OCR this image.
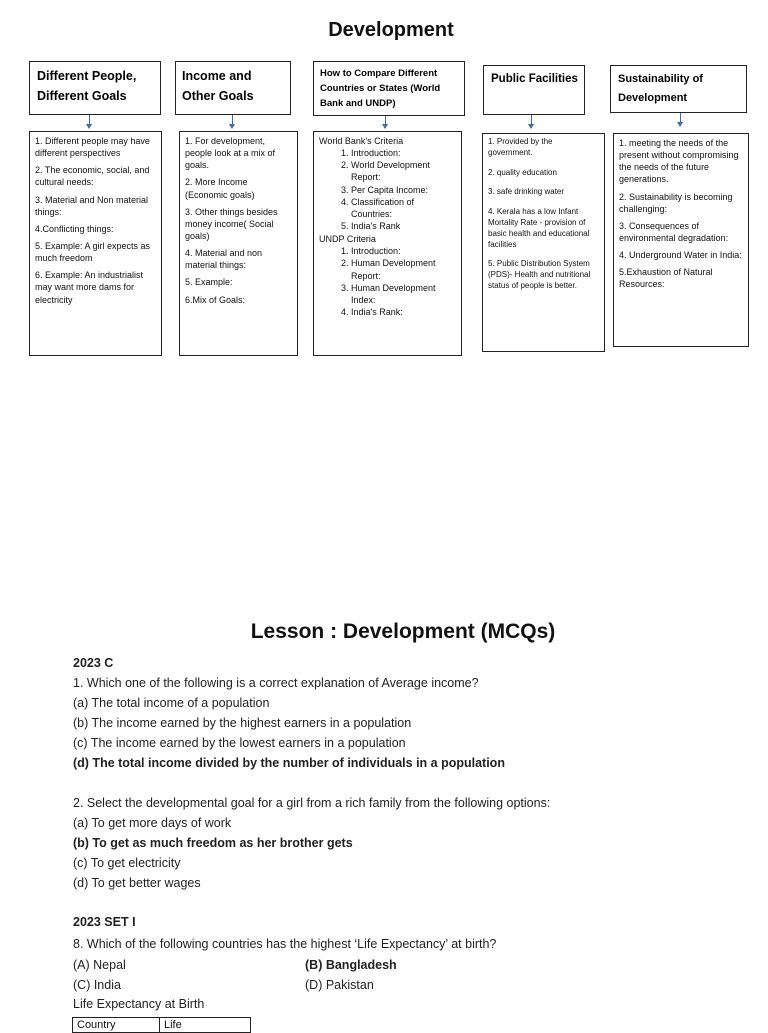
Development
Different People, Different Goals

1. Different people may have different perspectives

2. The economic, social, and cultural needs:

3. Material and Non material things:

4.Conflicting things:

5. Example: A girl expects as much freedom

6. Example: An industrialist may want more dams for electricity

Income and Other Goals

1. For development, people look at a mix of goals.

2. More Income (Economic goals)

3. Other things besides money income( Social goals)

4. Material and non material things:

5. Example:

6.Mix of Goals:

How to Compare Different Countries or States (World Bank and UNDP)
World Bank's Criteria
1. Introduction:
2. World Development Report:
3. Per Capita Income:
4. Classification of Countries:
5. India's Rank
UNDP Criteria
1. Introduction:
2. Human Development Report:
3. Human Development Index:
4. India's Rank:
Public Facilities

1. Provided by the government.

2. quality education

3. safe drinking water

4. Kerala has a low Infant Mortality Rate - provision of basic health and educational facilities

5. Public Distribution System (PDS)- Health and nutritional status of people is better.

Sustainability of Development

1. meeting the needs of the present without compromising the needs of the future generations.

2. Sustainability is becoming challenging:

3. Consequences of environmental degradation:

4. Underground Water in India:

5.Exhaustion of Natural Resources:

Lesson : Development (MCQs)
2023 C
1. Which one of the following is a correct explanation of Average income?
(a) The total income of a population
(b) The income earned by the highest earners in a population
(c) The income earned by the lowest earners in a population
(d) The total income divided by the number of individuals in a population
2. Select the developmental goal for a girl from a rich family from the following options:
(a) To get more days of work
(b) To get as much freedom as her brother gets
(c) To get electricity
(d) To get better wages
2023 SET I
8. Which of the following countries has the highest ‘Life Expectancy’ at birth?
(A) Nepal	(B) Bangladesh
(C) India	(D) Pakistan
Life Expectancy at Birth
Country	Life
